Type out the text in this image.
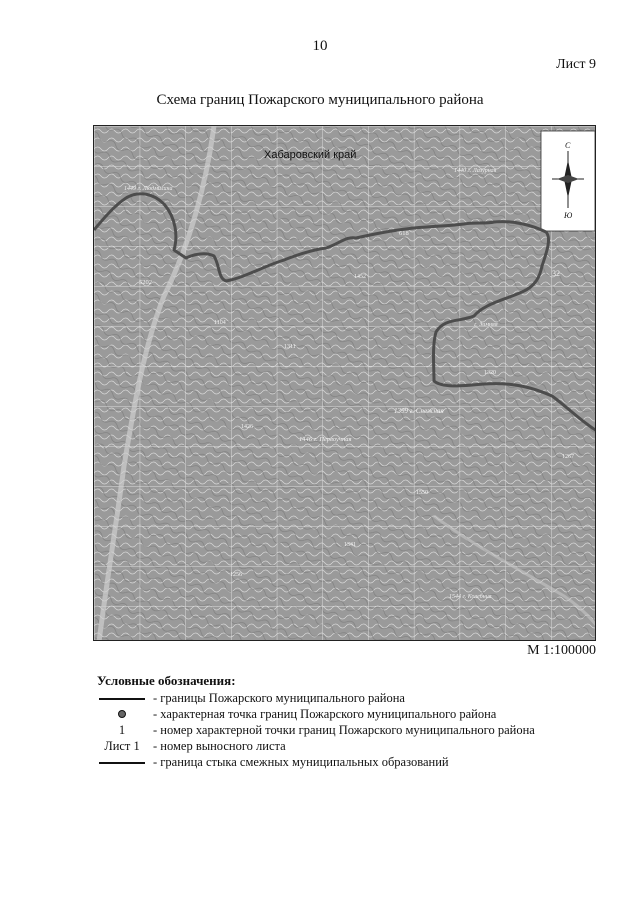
10
Лист 9
Схема границ Пожарского муниципального района
С
Ю
Хабаровский край
5202
32
618
1399 г. Снежная
1446 г. Первоучная
1449 г. Людмилина
1440 г. Лазурная
г. Зимняя
1544 г. Колебния
1104
1311
1426
1452
1550
1256
1341
1267
1320
М 1:100000
Условные обозначения:
- границы Пожарского муниципального района
- характерная точка границ Пожарского муниципального района
1	- номер характерной точки границ Пожарского муниципального района
Лист 1	- номер выносного листа
- граница стыка смежных муниципальных образований
